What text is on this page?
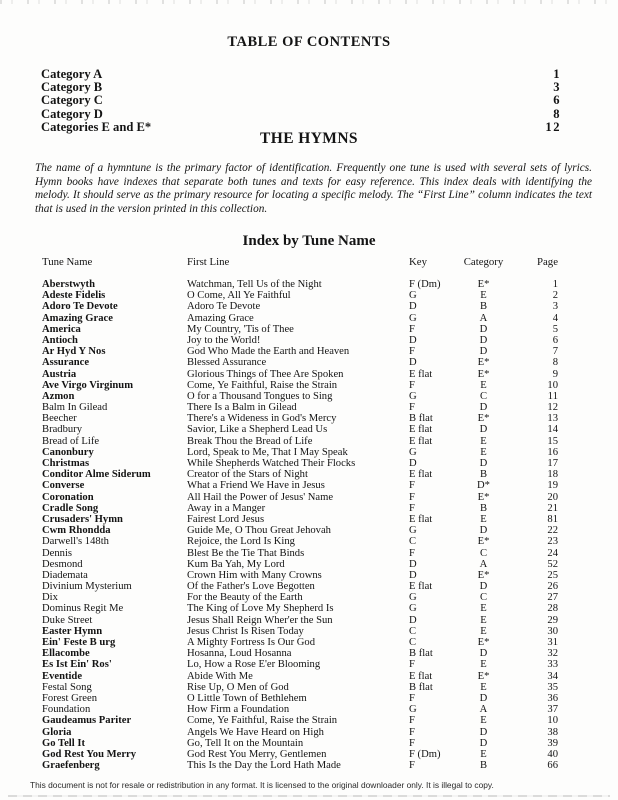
TABLE OF CONTENTS
Category A	1
Category B	3
Category C	6
Category D	8
Categories E and E*	12
THE HYMNS
The name of a hymntune is the primary factor of identification. Frequently one tune is used with several sets of lyrics. Hymn books have indexes that separate both tunes and texts for easy reference. This index deals with identifying the melody. It should serve as the primary resource for locating a specific melody. The “First Line” column indicates the text that is used in the version printed in this collection.
Index by Tune Name
Tune Name	First Line	Key	Category	Page
Aberstwyth	Watchman, Tell Us of the Night	F (Dm)	E*	1
Adeste Fidelis	O Come, All Ye Faithful	G	E	2
Adoro Te Devote	Adoro Te Devote	D	B	3
Amazing Grace	Amazing Grace	G	A	4
America	My Country, 'Tis of Thee	F	D	5
Antioch	Joy to the World!	D	D	6
Ar Hyd Y Nos	God Who Made the Earth and Heaven	F	D	7
Assurance	Blessed Assurance	D	E*	8
Austria	Glorious Things of Thee Are Spoken	E flat	E*	9
Ave Virgo Virginum	Come, Ye Faithful, Raise the Strain	F	E	10
Azmon	O for a Thousand Tongues to Sing	G	C	11
Balm In Gilead	There Is a Balm in Gilead	F	D	12
Beecher	There's a Wideness in God's Mercy	B flat	E*	13
Bradbury	Savior, Like a Shepherd Lead Us	E flat	D	14
Bread of Life	Break Thou the Bread of Life	E flat	E	15
Canonbury	Lord, Speak to Me, That I May Speak	G	E	16
Christmas	While Shepherds Watched Their Flocks	D	D	17
Conditor Alme Siderum	Creator of the Stars of Night	E flat	B	18
Converse	What a Friend We Have in Jesus	F	D*	19
Coronation	All Hail the Power of Jesus' Name	F	E*	20
Cradle Song	Away in a Manger	F	B	21
Crusaders' Hymn	Fairest Lord Jesus	E flat	E	81
Cwm Rhondda	Guide Me, O Thou Great Jehovah	G	D	22
Darwell's 148th	Rejoice, the Lord Is King	C	E*	23
Dennis	Blest Be the Tie That Binds	F	C	24
Desmond	Kum Ba Yah, My Lord	D	A	52
Diademata	Crown Him with Many Crowns	D	E*	25
Divinium Mysterium	Of the Father's Love Begotten	E flat	D	26
Dix	For the Beauty of the Earth	G	C	27
Dominus Regit Me	The King of Love My Shepherd Is	G	E	28
Duke Street	Jesus Shall Reign Wher'er the Sun	D	E	29
Easter Hymn	Jesus Christ Is Risen Today	C	E	30
Ein' Feste B urg	A Mighty Fortress Is Our God	C	E*	31
Ellacombe	Hosanna, Loud Hosanna	B flat	D	32
Es Ist Ein' Ros'	Lo, How a Rose E'er Blooming	F	E	33
Eventide	Abide With Me	E flat	E*	34
Festal Song	Rise Up, O Men of God	B flat	E	35
Forest Green	O Little Town of Bethlehem	F	D	36
Foundation	How Firm a Foundation	G	A	37
Gaudeamus Pariter	Come, Ye Faithful, Raise the Strain	F	E	10
Gloria	Angels We Have Heard on High	F	D	38
Go Tell It	Go, Tell It on the Mountain	F	D	39
God Rest You Merry	God Rest You Merry, Gentlemen	F (Dm)	E	40
Graefenberg	This Is the Day the Lord Hath Made	F	B	66
This document is not for resale or redistribution in any format. It is licensed to the original downloader only. It is illegal to copy.
